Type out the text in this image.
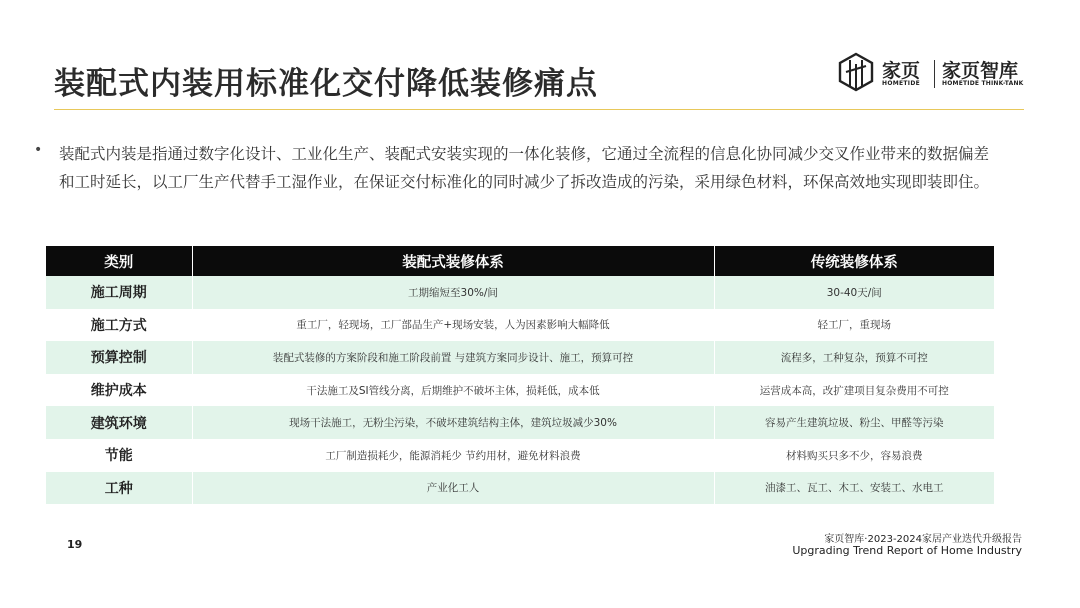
装配式内装用标准化交付降低装修痛点	家页
HOMETIDE
家页智库
HOMETIDE THINK-TANK
• 装配式内装是指通过数字化设计、工业化生产、装配式安装实现的一体化装修，它通过全流程的信息化协同减少交叉作业带来的数据偏差和工时延长，以工厂生产代替手工湿作业，在保证交付标准化的同时减少了拆改造成的污染，采用绿色材料，环保高效地实现即装即住。
类别	装配式装修体系	传统装修体系
施工周期	工期缩短至30%/间	30-40天/间
施工方式	重工厂，轻现场，工厂部品生产+现场安装，人为因素影响大幅降低	轻工厂，重现场
预算控制	装配式装修的方案阶段和施工阶段前置 与建筑方案同步设计、施工，预算可控	流程多，工种复杂，预算不可控
维护成本	干法施工及SI管线分离，后期维护不破坏主体，损耗低，成本低	运营成本高，改扩建项目复杂费用不可控
建筑环境	现场干法施工，无粉尘污染，不破坏建筑结构主体，建筑垃圾减少30%	容易产生建筑垃圾、粉尘、甲醛等污染
节能	工厂制造损耗少，能源消耗少 节约用材，避免材料浪费	材料购买只多不少，容易浪费
工种	产业化工人	油漆工、瓦工、木工、安装工、水电工
19	家页智库·2023-2024家居产业迭代升级报告
Upgrading Trend Report of Home Industry
